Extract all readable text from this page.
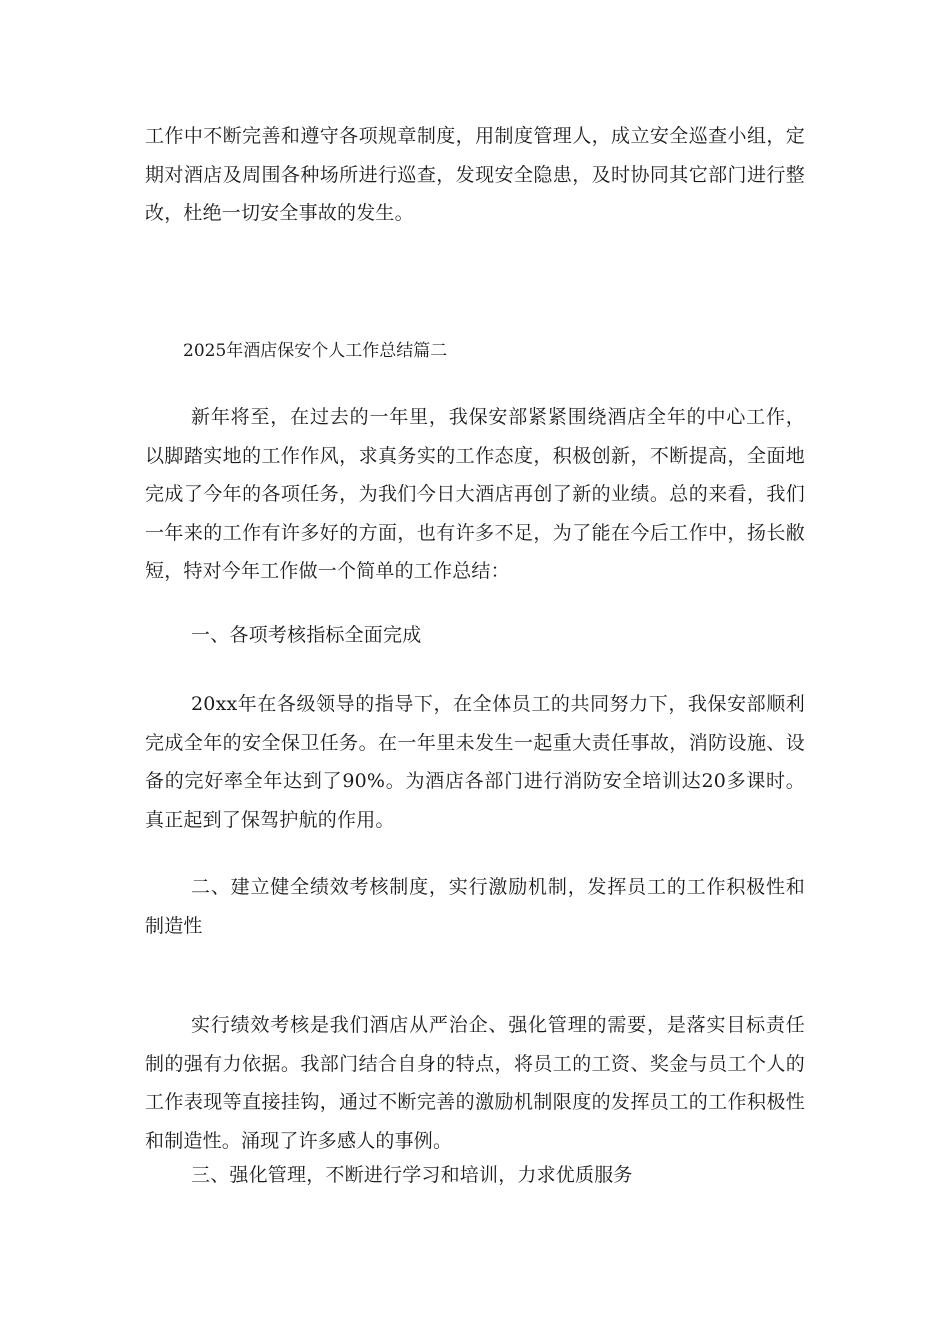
工作中不断完善和遵守各项规章制度，用制度管理人，成立安全巡查小组，定期对酒店及周围各种场所进行巡查，发现安全隐患，及时协同其它部门进行整改，杜绝一切安全事故的发生。

2025年酒店保安个人工作总结篇二

新年将至，在过去的一年里，我保安部紧紧围绕酒店全年的中心工作，以脚踏实地的工作作风，求真务实的工作态度，积极创新，不断提高，全面地完成了今年的各项任务，为我们今日大酒店再创了新的业绩。总的来看，我们一年来的工作有许多好的方面，也有许多不足，为了能在今后工作中，扬长敝短，特对今年工作做一个简单的工作总结：

一、各项考核指标全面完成

20xx年在各级领导的指导下，在全体员工的共同努力下，我保安部顺利完成全年的安全保卫任务。在一年里未发生一起重大责任事故，消防设施、设备的完好率全年达到了90%。为酒店各部门进行消防安全培训达20多课时。真正起到了保驾护航的作用。

二、建立健全绩效考核制度，实行激励机制，发挥员工的工作积极性和制造性

实行绩效考核是我们酒店从严治企、强化管理的需要，是落实目标责任制的强有力依据。我部门结合自身的特点，将员工的工资、奖金与员工个人的工作表现等直接挂钩，通过不断完善的激励机制限度的发挥员工的工作积极性和制造性。涌现了许多感人的事例。

三、强化管理，不断进行学习和培训，力求优质服务
